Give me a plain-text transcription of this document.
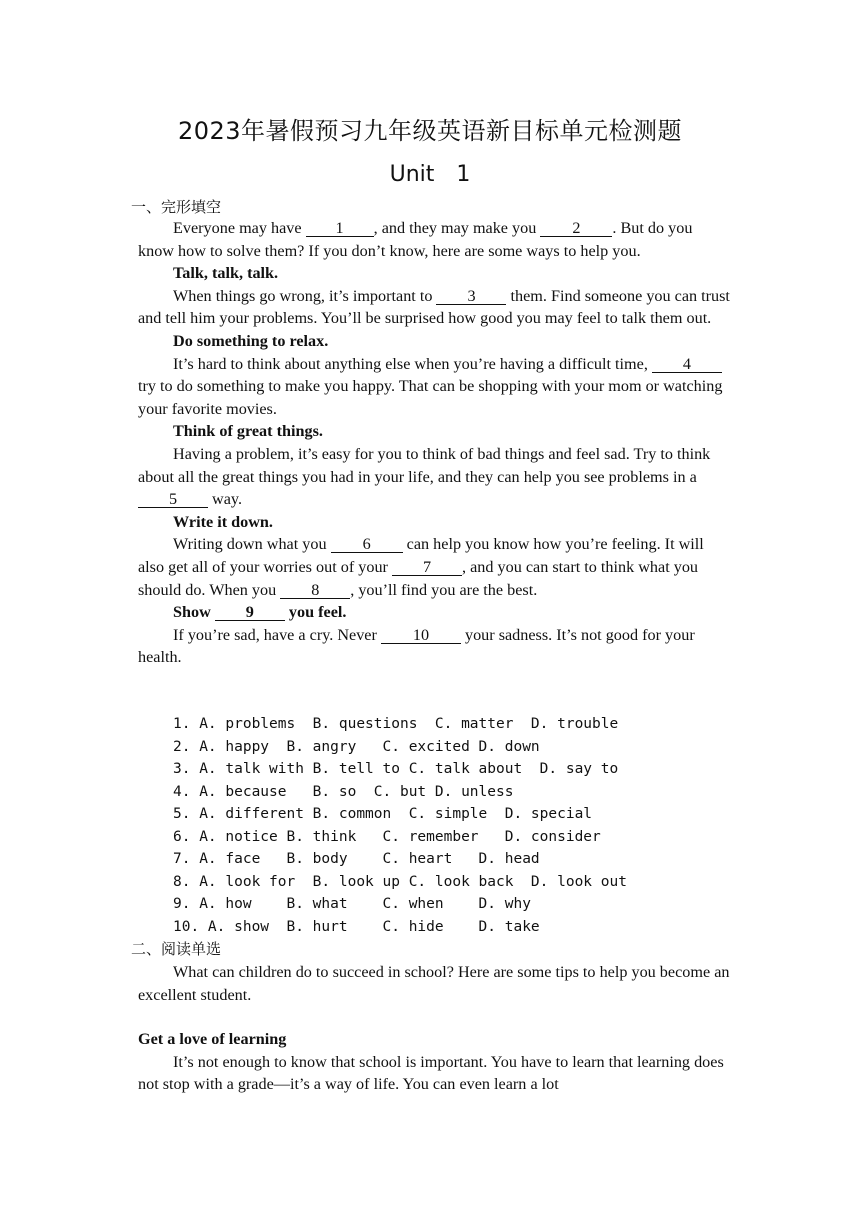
2023年暑假预习九年级英语新目标单元检测题
Unit　1
一、完形填空

Everyone may have 1 , and they may make you 2 . But do you know how to solve them? If you don’t know, here are some ways to help you.

Talk, talk, talk.

When things go wrong, it’s important to 3 them. Find someone you can trust and tell him your problems. You’ll be surprised how good you may feel to talk them out.

Do something to relax.

It’s hard to think about anything else when you’re having a difficult time, 4 try to do something to make you happy. That can be shopping with your mom or watching your favorite movies.

Think of great things.

Having a problem, it’s easy for you to think of bad things and feel sad. Try to think about all the great things you had in your life, and they can help you see problems in a 5 way.

Write it down.

Writing down what you 6 can help you know how you’re feeling. It will also get all of your worries out of your 7 , and you can start to think what you should do. When you 8 , you’ll find you are the best.

Show 9 you feel.

If you’re sad, have a cry. Never 10 your sadness. It’s not good for your health.

1. A. problems  B. questions  C. matter  D. trouble

2. A. happy  B. angry   C. excited D. down

3. A. talk with B. tell to C. talk about  D. say to

4. A. because   B. so  C. but D. unless

5. A. different B. common  C. simple  D. special

6. A. notice B. think   C. remember   D. consider

7. A. face   B. body    C. heart   D. head

8. A. look for  B. look up C. look back  D. look out

9. A. how    B. what    C. when    D. why

10. A. show  B. hurt    C. hide    D. take

二、阅读单选

What can children do to succeed in school? Here are some tips to help you become an excellent student.

Get a love of learning

It’s not enough to know that school is important. You have to learn that learning does not stop with a grade—it’s a way of life. You can even learn a lot
